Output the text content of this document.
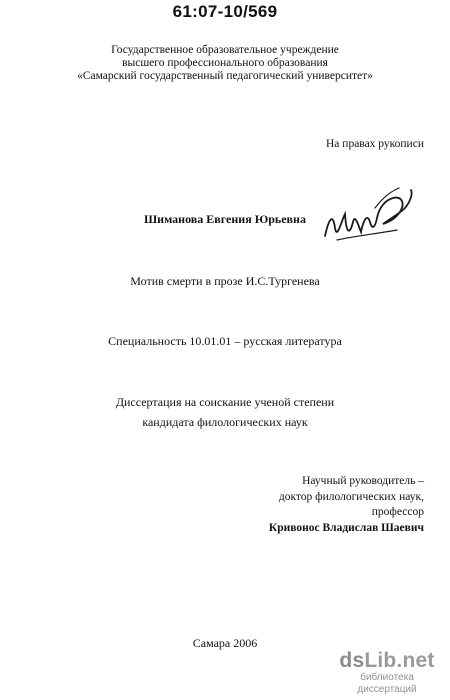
61:07-10/569
Государственное образовательное учреждение
высшего профессионального образования
«Самарский государственный педагогический университет»
На правах рукописи
Шиманова Евгения Юрьевна
Мотив смерти в прозе И.С.Тургенева
Специальность 10.01.01 – русская литература
Диссертация на соискание ученой степени
кандидата филологических наук
Научный руководитель –
доктор филологических наук,
профессор
Кривонос Владислав Шаевич
Самара 2006
dsLib.net
библиотека диссертаций
